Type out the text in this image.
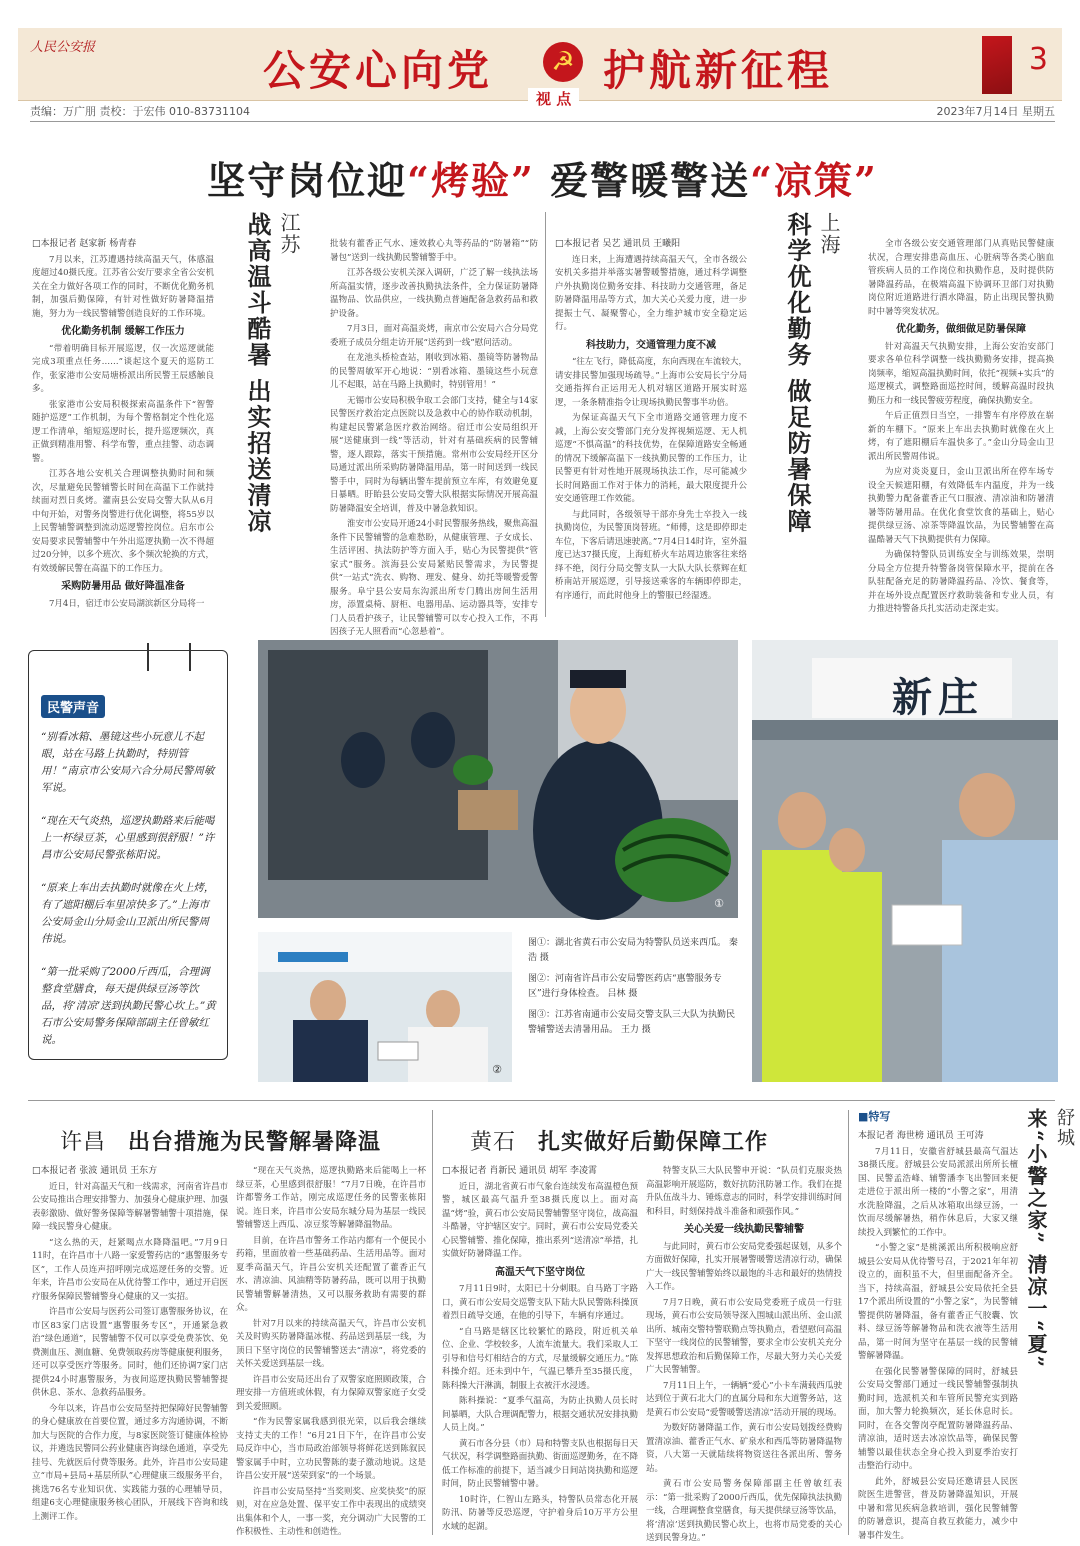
人民公安报	公安心向党	☭ 护航新征程	3
视 点
责编：万广朋 责校：于宏伟 010-83731104	2023年7月14日 星期五
坚守岗位迎“烤验” 爱警暖警送“凉策”

□本报记者 赵家新 杨青春

7月以来，江苏遭遇持续高温天气，体感温度超过40摄氏度。江苏省公安厅要求全省公安机关在全力做好各项工作的同时，不断优化勤务机制，加强后勤保障，有针对性做好防暑降温措施，努力为一线民警辅警创造良好的工作环境。

优化勤务机制 缓解工作压力

“带着明确目标开展巡逻，仅一次巡逻就能完成3项重点任务……”谈起这个夏天的巡防工作，张家港市公安局塘桥派出所民警王辰感触良多。

张家港市公安局积极探索高温条件下“智警随护巡逻”工作机制，为每个警格制定个性化巡逻工作清单，缩短巡逻时长，提升巡逻频次，真正做到精准用警、科学布警，重点挂警、动态调警。

江苏各地公安机关合理调整执勤时间和频次，尽量避免民警辅警长时间在高温下工作就持续面对烈日炙烤。灌南县公安局交警大队从6月中旬开始，对警务岗警进行优化调整，将55岁以上民警辅警调整到流动巡逻警控岗位。启东市公安局要求民警辅警中午外出巡逻执勤一次不得超过20分钟，以多个班次、多个频次轮换的方式，有效缓解民警在高温下的工作压力。

采购防暑用品 做好降温准备

7月4日，宿迁市公安局湖滨新区分局将一

江苏
战高温斗酷暑 出实招送清凉	批装有藿香正气水、速效救心丸等药品的“防暑箱”“防暑包”送到一线执勤民警辅警手中。

江苏各级公安机关深入调研，广泛了解一线执法场所高温实情，逐步改善执勤执法条件，全力保证防暑降温物品、饮品供应，一线执勤点普遍配备急救药品和救护设备。

7月3日，面对高温炎烤，南京市公安局六合分局党委班子成员分组走访开展“送药到一线”慰问活动。

在龙池头桥检查站，刚收到冰箱、墨镜等防暑物品的民警周敏军开心地说：“别看冰箱、墨镜这些小玩意儿不起眼，站在马路上执勤时，特别管用！”

无锡市公安局积极争取工会部门支持，健全与14家民警医疗救治定点医院以及急救中心的协作联动机制，构建起民警紧急医疗救治网络。宿迁市公安局组织开展“送健康到一线”等活动，针对有基础疾病的民警辅警，逐人跟踪，落实干预措施。常州市公安局经开区分局通过派出所采购防暑降温用品，第一时间送到一线民警手中，同时为每辆出警车提前预立车库，有效避免夏日暴晒。盱眙县公安局交警大队根据实际情况开展高温防暑降温安全培训，普及中暑急救知识。

淮安市公安局开通24小时民警服务热线，聚焦高温条件下民警辅警的急难愁盼，从健康管理、子女成长、生活评困、执法防护等方面入手，贴心为民警提供“管家式”服务。滨海县公安局紧贴民警需求，为民警提供“一站式”洗衣、购物、理发、健身、幼托等暖警爱警服务。阜宁县公安局东沟派出所专门腾出房间生活用房，添置桌椅、厨柜、电器用品、运动器具等，安排专门人员看护孩子，让民警辅警可以专心投入工作，不再因孩子无人照看而“心忽悬着”。

□本报记者 吴艺 通讯员 王曦阳

连日来，上海遭遇持续高温天气，全市各级公安机关多措并举落实暑警暖警措施，通过科学调整户外执勤岗位勤务安排、科技助力交通管理，备足防暑降温用品等方式，加大关心关爱力度，进一步提振士气、凝聚警心，全力维护城市安全稳定运行。

科技助力，交通管理力度不减

“往左飞行，降低高度，东向西现在车流较大，请安排民警加强现场疏导。”上海市公安局长宁分局交通指挥台正运用无人机对辖区道路开展实时巡逻，一条条精准指令让现场执勤民警事半功倍。

为保证高温天气下全市道路交通管理力度不减，上海公安交警部门充分发挥视频巡逻、无人机巡逻“不惧高温”的科技优势，在保障道路安全畅通的情况下缓解高温下一线执勤民警的工作压力，让民警更有针对性地开展现场执法工作，尽可能减少长时间路面工作对于体力的消耗，最大限度提升公安交通管理工作效能。

与此同时，各级领导干部亦身先士卒投入一线执勤岗位，为民警顶岗替班。“师傅，这是即停即走车位，下客后请迅速驶离。”7月4日14时许，室外温度已达37摄氏度，上海虹桥火车站周边旅客往来络绎不绝，闵行分局交警支队一大队大队长蔡辉在虹桥南站开展巡逻，引导接送乘客的车辆即停即走，有序通行，而此时他身上的警服已经湿透。

上海
科学优化勤务 做足防暑保障	全市各级公安交通管理部门从真贴民警健康状况，合理安排患高血压、心脏病等各类心脑血管疾病人员的工作岗位和执勤作息，及时提供防暑降温药品，在极端高温下协调环卫部门对执勤岗位附近道路进行洒水降温，防止出现民警执勤时中暑等突发状况。

优化勤务，做细做足防暑保障

针对高温天气执勤安排，上海公安治安部门要求各单位科学调整一线执勤勤务安排，提高换岗频率，缩短高温执勤时间，依托“视频+实兵”的巡逻模式，调整路面巡控时间，缓解高温时段执勤压力和一线民警疲劳程度，确保执勤安全。

午后正值烈日当空，一排警车有序停放在崭新的车棚下。“原来上车出去执勤时就像在火上烤，有了遮阳棚后车温快多了。”金山分局金山卫派出所民警周伟说。

为应对炎炎夏日，金山卫派出所在停车场专设全天候遮阳棚，有效降低车内温度，并为一线执勤警力配备藿香正气口服液、清凉油和防暑清暑等防暑用品。在优化食堂饮食的基础上，贴心提供绿豆汤、凉茶等降温饮品，为民警辅警在高温酷暑天气下执勤提供有力保障。

为确保特警队员训练安全与训练效果，崇明分局全方位提升特警备岗管保障水平，提前在各队驻配备充足的防暑降温药品、冷饮、餐食等，并在场外设点配置医疗救助装备和专业人员，有力推进特警备兵扎实活动走深走实。

民警声音

“别看冰箱、墨镜这些小玩意儿不起眼，站在马路上执勤时，特别管用！”南京市公安局六合分局民警周敏军说。

“现在天气炎热，巡逻执勤路来后能喝上一杯绿豆茶，心里感到很舒服！”许昌市公安局民警张栋阳说。

“原来上车出去执勤时就像在火上烤，有了遮阳棚后车里凉快多了。”上海市公安局金山分局金山卫派出所民警周伟说。

“第一批采购了2000斤西瓜，合理调整食堂膳食，每天提供绿豆汤等饮品，将‘清凉’送到执勤民警心坎上。”黄石市公安局警务保障部副主任曾敏红说。

①
②

图①：湖北省黄石市公安局为特警队员送来西瓜。 秦浩 摄

图②：河南省许昌市公安局警医药店“惠警服务专区”进行身体检查。 吕林 摄

图③：江苏省南通市公安局交警支队三大队为执勤民警辅警送去清暑用品。 王力 摄

新庄
许昌 出台措施为民警解暑降温

□本报记者 张波 通讯员 王东方

近日，针对高温天气和一线需求，河南省许昌市公安局推出合理安排警力、加强身心健康护理、加强表彰激励、做好警务保障等解暑警辅警十项措施，保障一线民警身心健康。

“这么热的天，赶紧喝点水降降温吧。”7月9日11时，在许昌市十八路一家爱警药店的“惠警服务专区”，工作人员连声招呼刚完成巡逻任务的交警。近年来，许昌市公安局在从优待警工作中，通过开启医疗服务保障民警辅警身心健康的又一实招。

许昌市公安局与医药公司签订惠警服务协议，在市区83家门店设置“惠警服务专区”，开通紧急救治“绿色通道”，民警辅警不仅可以享受免费茶饮、免费测血压、测血糖、免费领取药房等健康便利服务，还可以享受医疗等服务。同时，他们还协调7家门店提供24小时惠警服务，为夜间巡逻执勤民警辅警提供休息、茶水、急救药品服务。

今年以来，许昌市公安局坚持把保障好民警辅警的身心健康放在首要位置，通过多方沟通协调，不断加大与医院的合作力度，与8家医院签订健康体检协议，并遴选民警同公药业健康咨询绿色通道，享受先挂号、先就医后付费等服务。此外，许昌市公安局建立“市局+县局+基层所队”心理健康三级服务平台，挑选76名专业知识优、实践能力强的心理辅导员，组建6支心理健康服务核心团队，开展线下咨询和线上测评工作。

“现在天气炎热，巡逻执勤路来后能喝上一杯绿豆茶，心里感到很舒服！”7月7日晚，在许昌市许都警务工作站，刚完成巡逻任务的民警张栋阳说。连日来，许昌市公安局东城分局为基层一线民警辅警送上西瓜、凉豆浆等解暑降温物品。

目前，在许昌市警务工作站内都有一个便民小药箱，里面放着一些基础药品、生活用品等。面对夏季高温天气，许昌公安机关还配置了藿香正气水、清凉油、风油精等防暑药品，既可以用于执勤民警辅警解暑清热，又可以服务救助有需要的群众。

针对7月以来的持续高温天气，许昌市公安机关及时购买防暑降温冰棍、药品送到基层一线，为顶日下坚守岗位的民警辅警送去“清凉”，将党委的关怀关爱送到基层一线。

许昌市公安局还出台了双警家庭照顾政策，合理安排一方值班或休假，有力保障双警家庭子女受到关爱照顾。

“作为民警家属我感到很光荣，以后我会继续支持丈夫的工作！”6月21日下午，在许昌市公安局反诈中心，当市局政治部领导将鲜花送到陈叙民警家属手中时，立功民警陈的妻子激动地说。这是许昌公安开展“送荣到家”的一个场景。

许昌市公安局坚持“当奖则奖、应奖快奖”的原则，对在应急处置、保平安工作中表现出的成绩突出集体和个人，一事一奖，充分调动广大民警的工作积极性、主动性和创造性。

黄石 扎实做好后勤保障工作

□本报记者 肖新民 通讯员 胡军 李凌霄

近日，湖北省黄石市气象台连续发布高温橙色预警，城区最高气温升至38摄氏度以上。面对高温“烤”验，黄石市公安局民警辅警坚守岗位，战高温斗酷暑，守护辖区安宁。同时，黄石市公安局党委关心民警辅警、推化保障，推出系列“送清凉”举措，扎实做好防暑降温工作。

高温天气下坚守岗位

7月11日9时，太阳已十分刺眼。自马路丁字路口，黄石市公安局交巡警支队下陆大队民警陈科操顶着烈日疏导交通，在他的引导下，车辆有序通过。

“自马路是辖区比较繁忙的路段，附近机关单位、企业、学校较多，人流车流量大。我们采取人工引导和信号灯相结合的方式，尽量缓解交通压力。”陈科操介绍。还未到中午，气温已攀升至35摄氏度，陈科操大汗淋漓，制服上衣被汗水浸透。

陈科操说：“夏季气温高，为防止执勤人员长时间暴晒，大队合理调配警力，根据交通状况安排执勤人员上岗。”

黄石市各分县（市）局和特警支队也根据每日天气状况，科学调整路面执勤、街面巡逻勤务，在不降低工作标准的前提下，适当减少日间站岗执勤和巡逻时间，防止民警辅警中暑。

10时许，仁智山左路头，特警队员常态化开展防汛、防暑等反恐巡逻，守护着身后10万平方公里水域的起湖。

特警支队三大队民警申开说：“队员们克服炎热高温影响开展巡防，数好抗防汛防暑工作。我们在提升队伍战斗力、锤炼意志的同时，科学安排训练时间和科目，时刻保持战斗准备和顽强作风。”

关心关爱一线执勤民警辅警

与此同时，黄石市公安局党委强起谋划，从多个方面做好保障，扎实开展暑警暖警送清凉行动，确保广大一线民警辅警始终以最饱的斗志和最好的热情投入工作。

7月7日晚，黄石市公安局党委班子成员一行驻现场，黄石市公安局领导深入围城山派出所、金山派出所、城南交警特警联勤点等执勤点，看望慰问高温下坚守一线岗位的民警辅警，要求全市公安机关充分发挥思想政治和后勤保障工作，尽最大努力关心关爱广大民警辅警。

7月11日上午，一辆辆“爱心”小卡车满载西瓜驶达到位于黄石北大门的直属分局和东大道警务站，这是黄石市公安局“爱警暖警送清凉”活动开展的现场。

为数好防暑降温工作，黄石市公安局划拨经费购置清凉油、藿香正气水、矿泉水和西瓜等防暑降温物资，八大第一天就陆续将物资送往各派出所、警务站。

黄石市公安局警务保障部副主任曾敏红表示：“第一批采购了2000斤西瓜，优先保障执法执勤一线，合理调整食堂膳食，每天提供绿豆汤等饮品，将‘清凉’送到执勤民警心坎上，也将市局党委的关心送到民警身边。”

■特写

本报记者 海世榜 通讯员 王可涛

7月11日，安徽省舒城县最高气温达38摄氏度。舒城县公安局派派出所所长檀国、民警孟浩峰、辅警潘李飞出警回来便走进位于派出所一楼的“小警之家”，用清水洗脸降温，之后从冰箱取出绿豆汤，一饮而尽缓解暑热，稍作休息后，大家又继续投入到繁忙的工作中。

“小警之家”是桃溪派出所积极响应舒城县公安局从优待警号召，于2021年年初设立的，面积虽不大，但里面配备齐全。当下，持续高温，舒城县公安局依托全县17个派出所设置的“小警之家”，为民警辅警提供防暑降温，备有藿香正气胶囊、饮料、绿豆汤等解暑物品和洗衣液等生活用品，第一时间为坚守在基层一线的民警辅警解暑降温。

在强化民警暑警保障的同时，舒城县公安局交警部门通过一线民警辅警强制执勤时间，选派机关和车管所民警充实到路面，加大警力轮换频次，延长休息时长。同时，在各交警岗亭配置防暑降温药品、清凉油，适时送去冰凉饮品等，确保民警辅警以最佳状态全身心投入到夏季治安打击整治行动中。

此外，舒城县公安局还邀请县人民医院医生进警营，普及防暑降温知识，开展中暑和常见疾病急救培训，强化民警辅警的防暑意识，提高自救互救能力，减少中暑事件发生。

舒城
来“小警之家” 清凉一“夏”
